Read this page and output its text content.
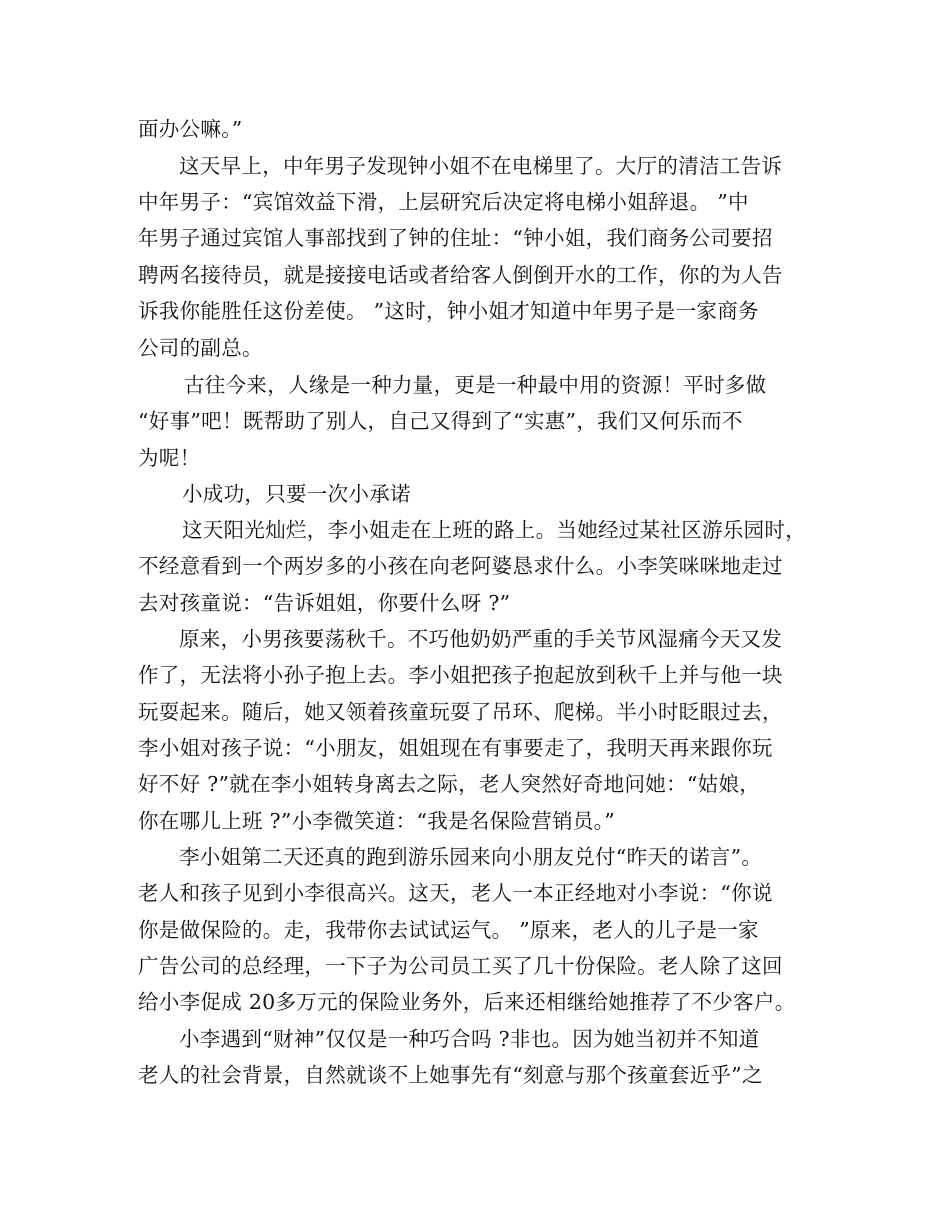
面办公嘛。”
这天早上，中年男子发现钟小姐不在电梯里了。大厅的清洁工告诉
中年男子：“宾馆效益下滑，上层研究后决定将电梯小姐辞退。 ”中
年男子通过宾馆人事部找到了钟的住址：“钟小姐，我们商务公司要招
聘两名接待员，就是接接电话或者给客人倒倒开水的工作，你的为人告
诉我你能胜任这份差使。 ”这时，钟小姐才知道中年男子是一家商务
公司的副总。
古往今来，人缘是一种力量，更是一种最中用的资源！平时多做
“好事”吧！既帮助了别人，自己又得到了“实惠”，我们又何乐而不
为呢！
小成功，只要一次小承诺
这天阳光灿烂，李小姐走在上班的路上。当她经过某社区游乐园时，
不经意看到一个两岁多的小孩在向老阿婆恳求什么。小李笑咪咪地走过
去对孩童说：“告诉姐姐，你要什么呀 ?”
原来，小男孩要荡秋千。不巧他奶奶严重的手关节风湿痛今天又发
作了，无法将小孙子抱上去。李小姐把孩子抱起放到秋千上并与他一块
玩耍起来。随后，她又领着孩童玩耍了吊环、爬梯。半小时眨眼过去，
李小姐对孩子说：“小朋友，姐姐现在有事要走了，我明天再来跟你玩
好不好 ?”就在李小姐转身离去之际，老人突然好奇地问她：“姑娘，
你在哪儿上班 ?”小李微笑道：“我是名保险营销员。”
李小姐第二天还真的跑到游乐园来向小朋友兑付“昨天的诺言”。
老人和孩子见到小李很高兴。这天，老人一本正经地对小李说：“你说
你是做保险的。走，我带你去试试运气。 ”原来，老人的儿子是一家
广告公司的总经理，一下子为公司员工买了几十份保险。老人除了这回
给小李促成 20多万元的保险业务外，后来还相继给她推荐了不少客户。
小李遇到“财神”仅仅是一种巧合吗 ?非也。因为她当初并不知道
老人的社会背景，自然就谈不上她事先有“刻意与那个孩童套近乎”之
